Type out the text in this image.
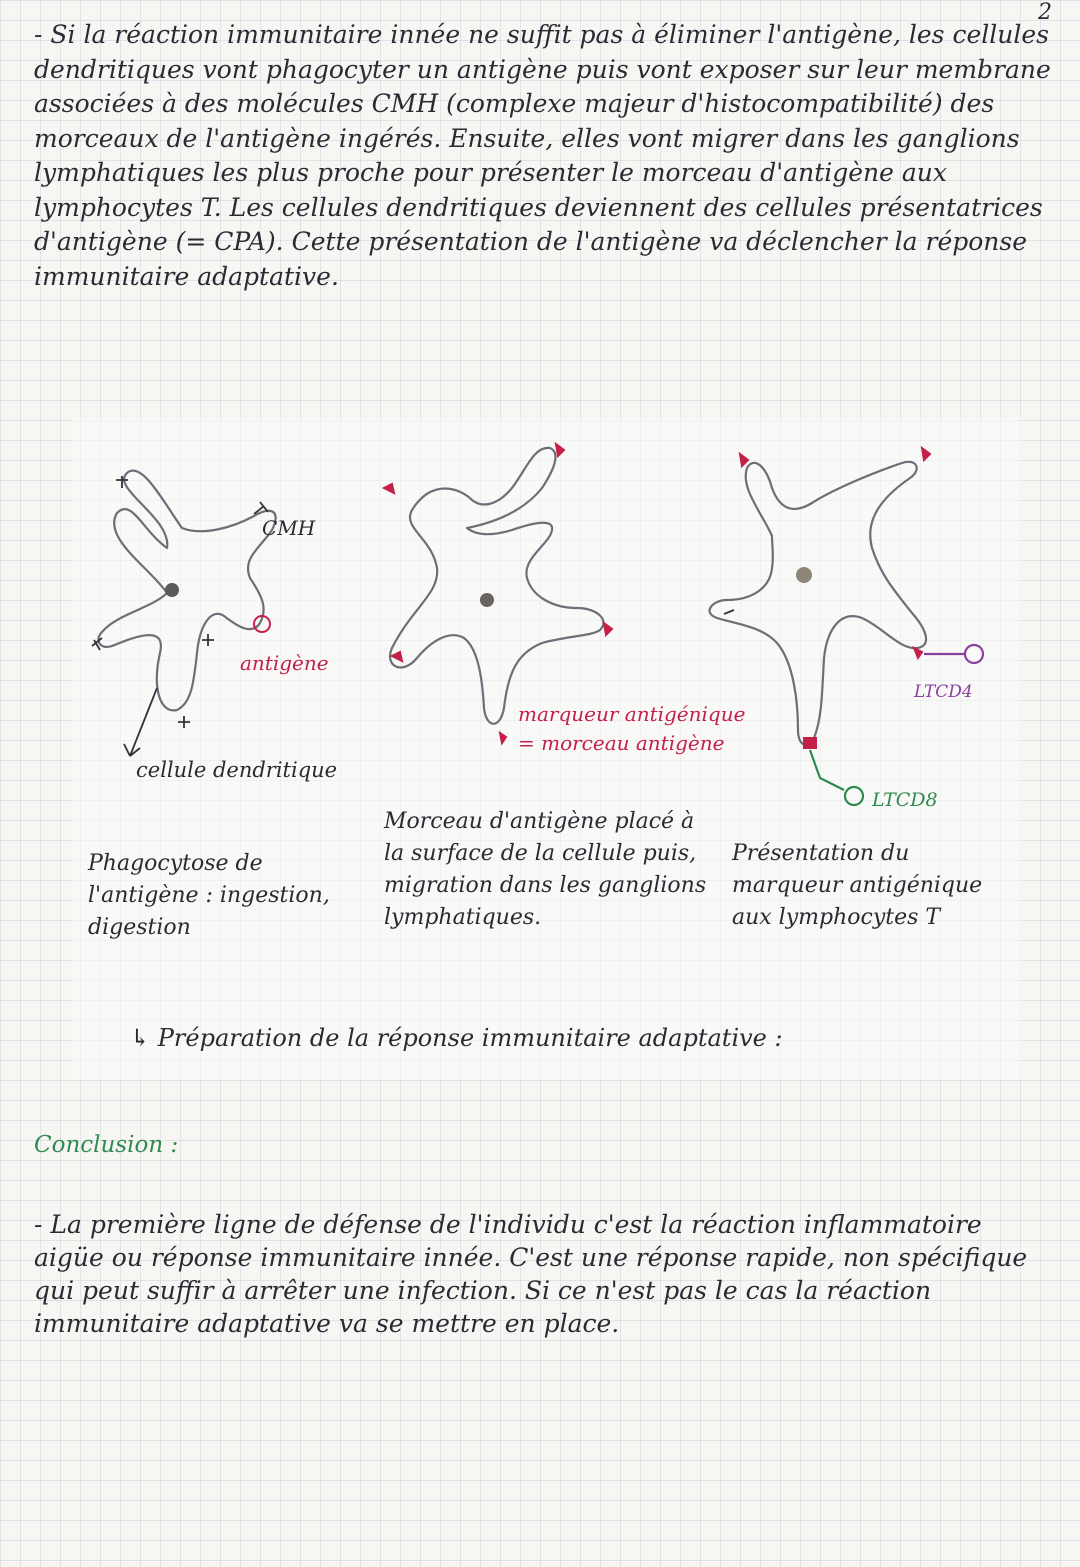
2

- Si la réaction immunitaire innée ne suffit pas à éliminer l'antigène, les cellules dendritiques vont phagocyter un antigène puis vont exposer sur leur membrane associées à des molécules CMH (complexe majeur d'histocompatibilité) des morceaux de l'antigène ingérés. Ensuite, elles vont migrer dans les ganglions lymphatiques les plus proche pour présenter le morceau d'antigène aux lymphocytes T. Les cellules dendritiques deviennent des cellules présentatrices d'antigène (= CPA). Cette présentation de l'antigène va déclencher la réponse immunitaire adaptative.

CMH
antigène
cellule dendritique
marqueur antigénique = morceau antigène
LTCD4
LTCD8
Phagocytose de l'antigène : ingestion, digestion
Morceau d'antigène placé à la surface de la cellule puis, migration dans les ganglions lymphatiques.
Présentation du marqueur antigénique aux lymphocytes T
↳ Préparation de la réponse immunitaire adaptative :
Conclusion :

- La première ligne de défense de l'individu c'est la réaction inflammatoire aigüe ou réponse immunitaire innée. C'est une réponse rapide, non spécifique qui peut suffir à arrêter une infection. Si ce n'est pas le cas la réaction immunitaire adaptative va se mettre en place.
